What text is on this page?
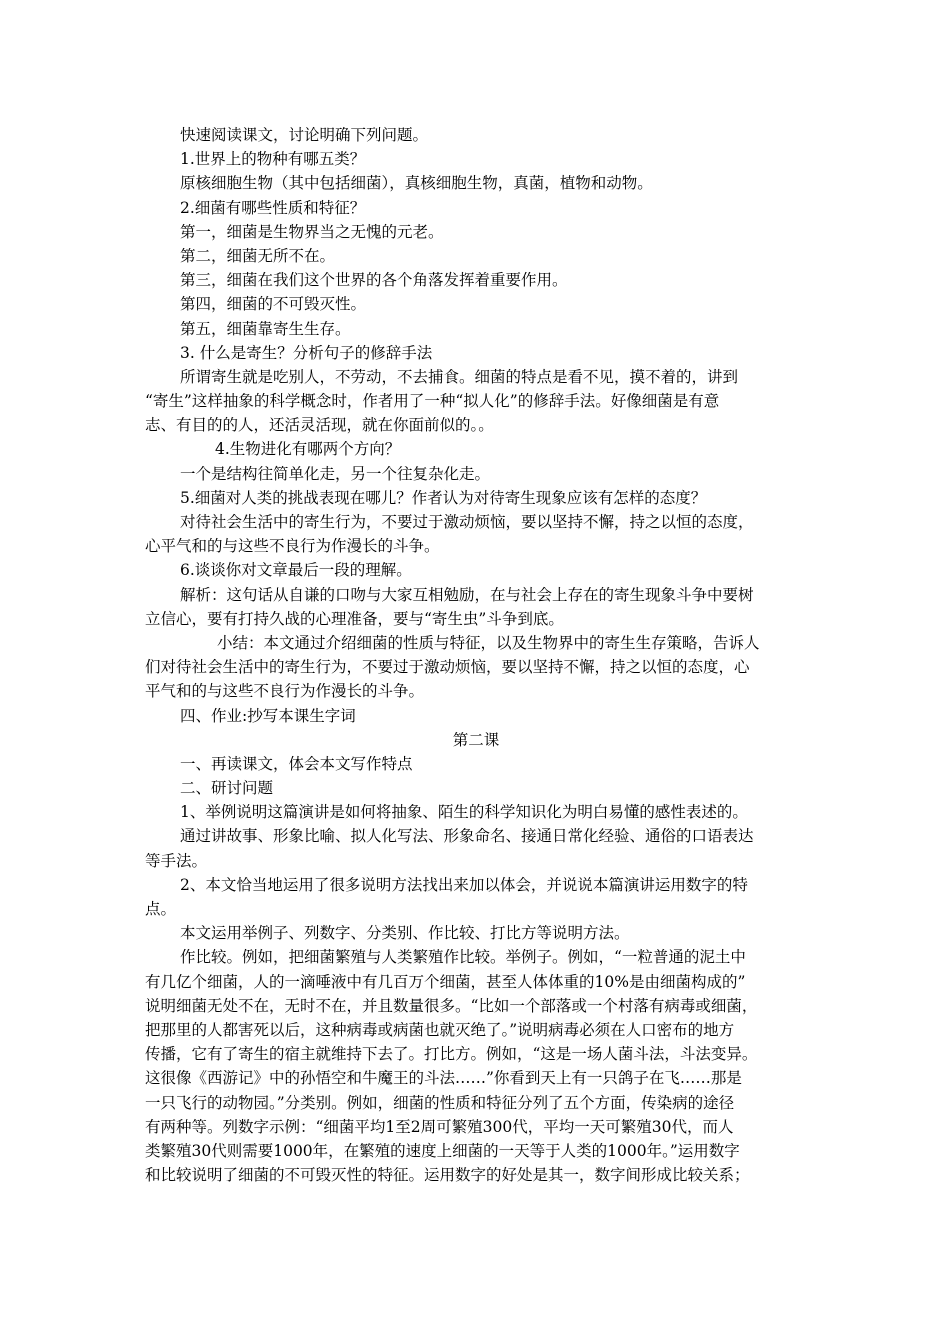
快速阅读课文，讨论明确下列问题。
1.世界上的物种有哪五类？
原核细胞生物（其中包括细菌），真核细胞生物，真菌，植物和动物。
2.细菌有哪些性质和特征？
第一，细菌是生物界当之无愧的元老。
第二，细菌无所不在。
第三，细菌在我们这个世界的各个角落发挥着重要作用。
第四，细菌的不可毁灭性。
第五，细菌靠寄生生存。
3. 什么是寄生？分析句子的修辞手法
所谓寄生就是吃别人，不劳动，不去捕食。细菌的特点是看不见，摸不着的，讲到
“寄生”这样抽象的科学概念时，作者用了一种“拟人化”的修辞手法。好像细菌是有意
志、有目的的人，还活灵活现，就在你面前似的。。
4.生物进化有哪两个方向？
一个是结构往简单化走，另一个往复杂化走。
5.细菌对人类的挑战表现在哪儿？作者认为对待寄生现象应该有怎样的态度？
对待社会生活中的寄生行为，不要过于激动烦恼，要以坚持不懈，持之以恒的态度，
心平气和的与这些不良行为作漫长的斗争。
6.谈谈你对文章最后一段的理解。
解析：这句话从自谦的口吻与大家互相勉励，在与社会上存在的寄生现象斗争中要树
立信心，要有打持久战的心理准备，要与“寄生虫”斗争到底。
小结：本文通过介绍细菌的性质与特征，以及生物界中的寄生生存策略，告诉人
们对待社会生活中的寄生行为，不要过于激动烦恼，要以坚持不懈，持之以恒的态度，心
平气和的与这些不良行为作漫长的斗争。
四、作业:抄写本课生字词
第二课
一、再读课文，体会本文写作特点
二、研讨问题
1、举例说明这篇演讲是如何将抽象、陌生的科学知识化为明白易懂的感性表述的。
通过讲故事、形象比喻、拟人化写法、形象命名、接通日常化经验、通俗的口语表达
等手法。
2、本文恰当地运用了很多说明方法找出来加以体会，并说说本篇演讲运用数字的特
点。
本文运用举例子、列数字、分类别、作比较、打比方等说明方法。
作比较。例如，把细菌繁殖与人类繁殖作比较。举例子。例如，“一粒普通的泥土中
有几亿个细菌，人的一滴唾液中有几百万个细菌，甚至人体体重的10%是由细菌构成的”
说明细菌无处不在，无时不在，并且数量很多。“比如一个部落或一个村落有病毒或细菌，
把那里的人都害死以后，这种病毒或病菌也就灭绝了。”说明病毒必须在人口密布的地方
传播，它有了寄生的宿主就维持下去了。打比方。例如，“这是一场人菌斗法，斗法变异。
这很像《西游记》中的孙悟空和牛魔王的斗法……”你看到天上有一只鸽子在飞……那是
一只飞行的动物园。”分类别。例如，细菌的性质和特征分列了五个方面，传染病的途径
有两种等。列数字示例：“细菌平均1至2周可繁殖300代，平均一天可繁殖30代，而人
类繁殖30代则需要1000年，在繁殖的速度上细菌的一天等于人类的1000年。”运用数字
和比较说明了细菌的不可毁灭性的特征。运用数字的好处是其一，数字间形成比较关系；
